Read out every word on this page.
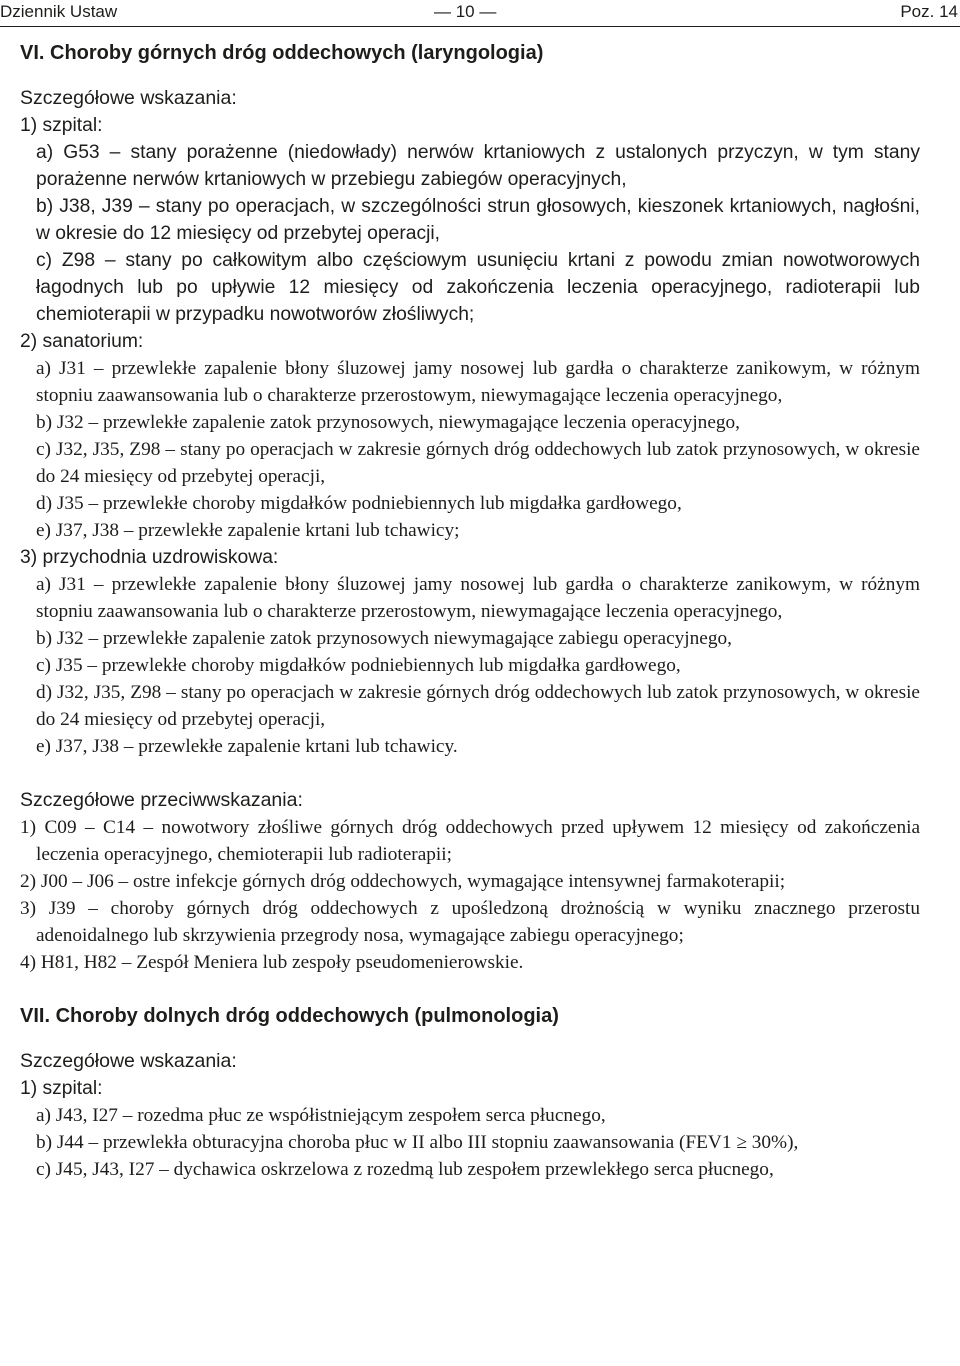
Dziennik Ustaw	— 10 —	Poz. 14
VI. Choroby górnych dróg oddechowych (laryngologia)
Szczegółowe wskazania:
1) szpital:
a) G53 – stany porażenne (niedowłady) nerwów krtaniowych z ustalonych przyczyn, w tym stany porażenne nerwów krtaniowych w przebiegu zabiegów operacyjnych,
b) J38, J39 – stany po operacjach, w szczególności strun głosowych, kieszonek krtaniowych, nagłośni, w okresie do 12 miesięcy od przebytej operacji,
c) Z98 – stany po całkowitym albo częściowym usunięciu krtani z powodu zmian nowotworowych łagodnych lub po upływie 12 miesięcy od zakończenia leczenia operacyjnego, radioterapii lub chemioterapii w przypadku nowotworów złośliwych;
2) sanatorium:
a) J31 – przewlekłe zapalenie błony śluzowej jamy nosowej lub gardła o charakterze zanikowym, w różnym stopniu zaawansowania lub o charakterze przerostowym, niewymagające leczenia operacyjnego,
b) J32 – przewlekłe zapalenie zatok przynosowych, niewymagające leczenia operacyjnego,
c) J32, J35, Z98 – stany po operacjach w zakresie górnych dróg oddechowych lub zatok przynosowych, w okresie do 24 miesięcy od przebytej operacji,
d) J35 – przewlekłe choroby migdałków podniebiennych lub migdałka gardłowego,
e) J37, J38 – przewlekłe zapalenie krtani lub tchawicy;
3) przychodnia uzdrowiskowa:
a) J31 – przewlekłe zapalenie błony śluzowej jamy nosowej lub gardła o charakterze zanikowym, w różnym stopniu zaawansowania lub o charakterze przerostowym, niewymagające leczenia operacyjnego,
b) J32 – przewlekłe zapalenie zatok przynosowych niewymagające zabiegu operacyjnego,
c) J35 – przewlekłe choroby migdałków podniebiennych lub migdałka gardłowego,
d) J32, J35, Z98 – stany po operacjach w zakresie górnych dróg oddechowych lub zatok przynosowych, w okresie do 24 miesięcy od przebytej operacji,
e) J37, J38 – przewlekłe zapalenie krtani lub tchawicy.
Szczegółowe przeciwwskazania:
1) C09 – C14 – nowotwory złośliwe górnych dróg oddechowych przed upływem 12 miesięcy od zakończenia leczenia operacyjnego, chemioterapii lub radioterapii;
2) J00 – J06 – ostre infekcje górnych dróg oddechowych, wymagające intensywnej farmakoterapii;
3) J39 – choroby górnych dróg oddechowych z upośledzoną drożnością w wyniku znacznego przerostu adenoidalnego lub skrzywienia przegrody nosa, wymagające zabiegu operacyjnego;
4) H81, H82 – Zespół Meniera lub zespoły pseudomenierowskie.
VII. Choroby dolnych dróg oddechowych (pulmonologia)
Szczegółowe wskazania:
1) szpital:
a) J43, I27 – rozedma płuc ze współistniejącym zespołem serca płucnego,
b) J44 – przewlekła obturacyjna choroba płuc w II albo III stopniu zaawansowania (FEV1 ≥ 30%),
c) J45, J43, I27 – dychawica oskrzelowa z rozedmą lub zespołem przewlekłego serca płucnego,
